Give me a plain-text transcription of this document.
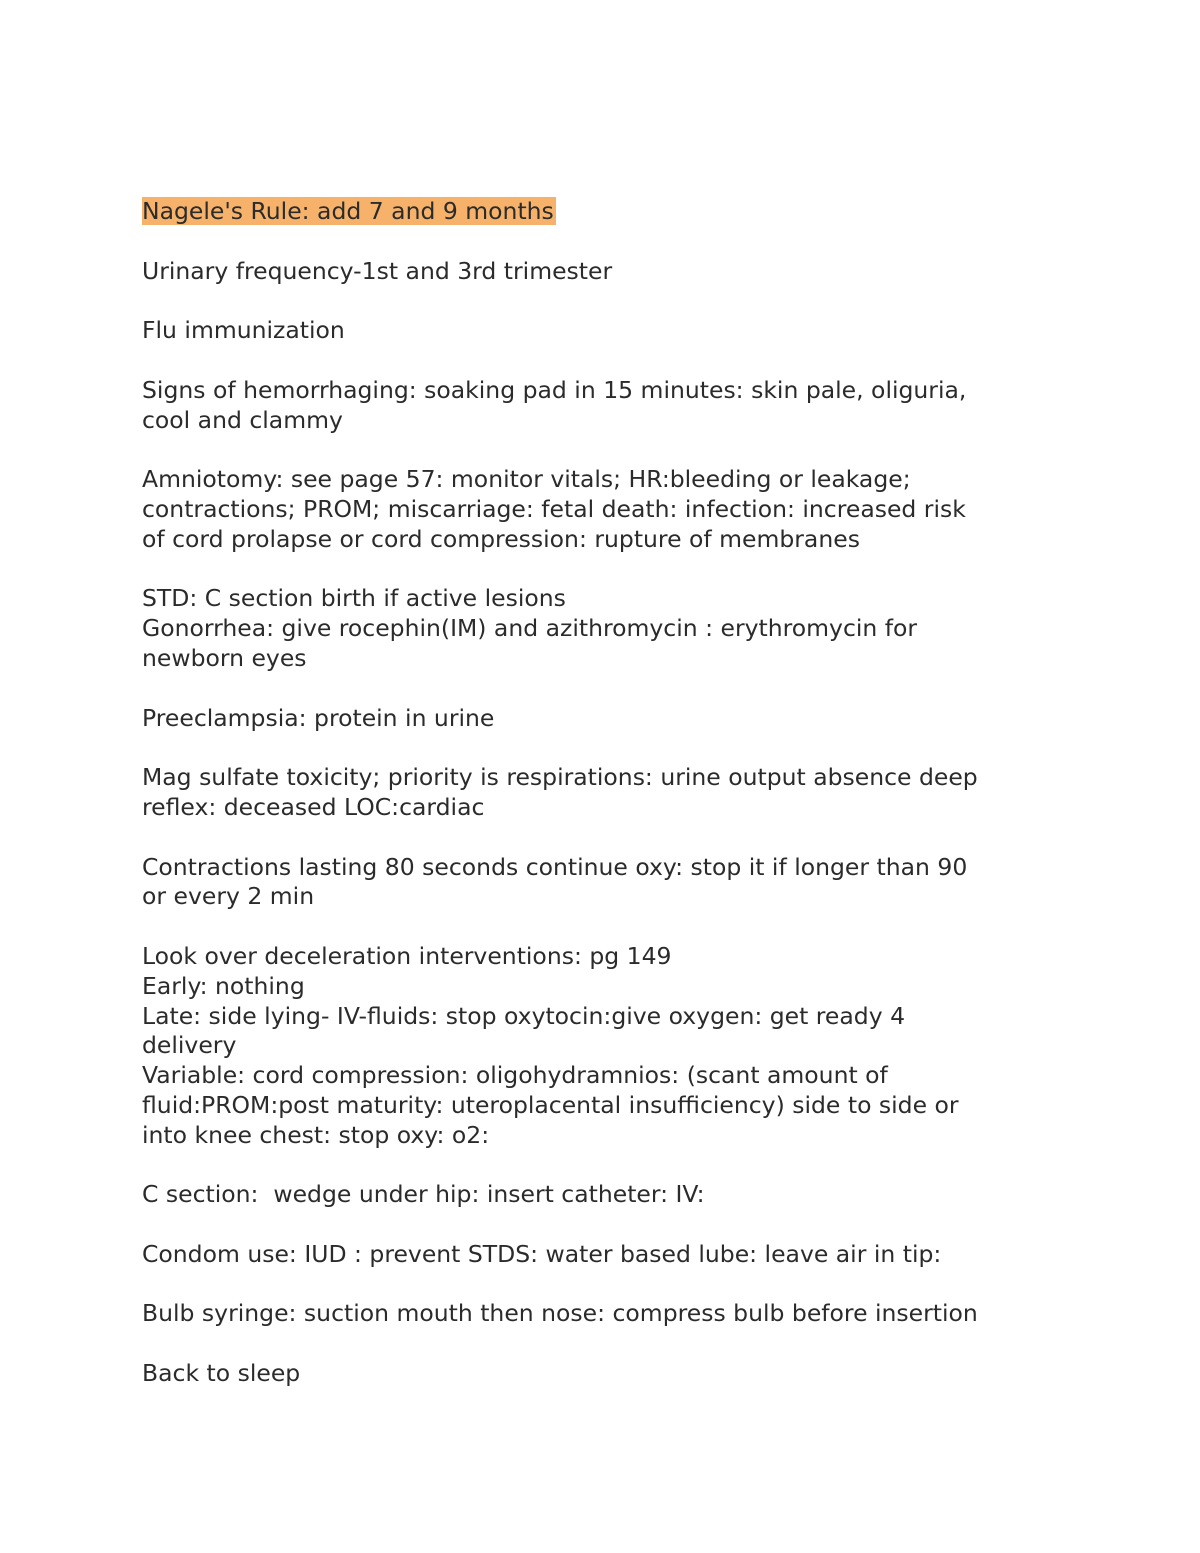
Nagele's Rule: add 7 and 9 months
Urinary frequency-1st and 3rd trimester
Flu immunization
Signs of hemorrhaging: soaking pad in 15 minutes: skin pale, oliguria,
cool and clammy
Amniotomy: see page 57: monitor vitals; HR:bleeding or leakage;
contractions; PROM; miscarriage: fetal death: infection: increased risk
of cord prolapse or cord compression: rupture of membranes
STD: C section birth if active lesions
Gonorrhea: give rocephin(IM) and azithromycin : erythromycin for
newborn eyes
Preeclampsia: protein in urine
Mag sulfate toxicity; priority is respirations: urine output absence deep
reflex: deceased LOC:cardiac
Contractions lasting 80 seconds continue oxy: stop it if longer than 90
or every 2 min
Look over deceleration interventions: pg 149
Early: nothing
Late: side lying- IV-fluids: stop oxytocin:give oxygen: get ready 4
delivery
Variable: cord compression: oligohydramnios: (scant amount of
fluid:PROM:post maturity: uteroplacental insufficiency) side to side or
into knee chest: stop oxy: o2:
C section:  wedge under hip: insert catheter: IV:
Condom use: IUD : prevent STDS: water based lube: leave air in tip:
Bulb syringe: suction mouth then nose: compress bulb before insertion
Back to sleep
